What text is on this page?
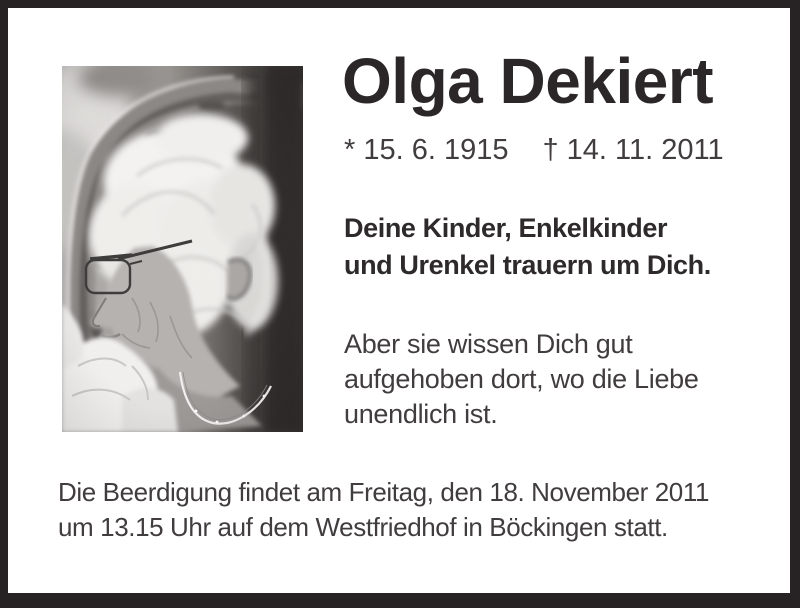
Olga Dekiert
* 15. 6. 1915 † 14. 11. 2011
Deine Kinder, Enkelkinder
und Urenkel trauern um Dich.
Aber sie wissen Dich gut
aufgehoben dort, wo die Liebe
unendlich ist.
Die Beerdigung findet am Freitag, den 18. November 2011
um 13.15 Uhr auf dem Westfriedhof in Böckingen statt.
